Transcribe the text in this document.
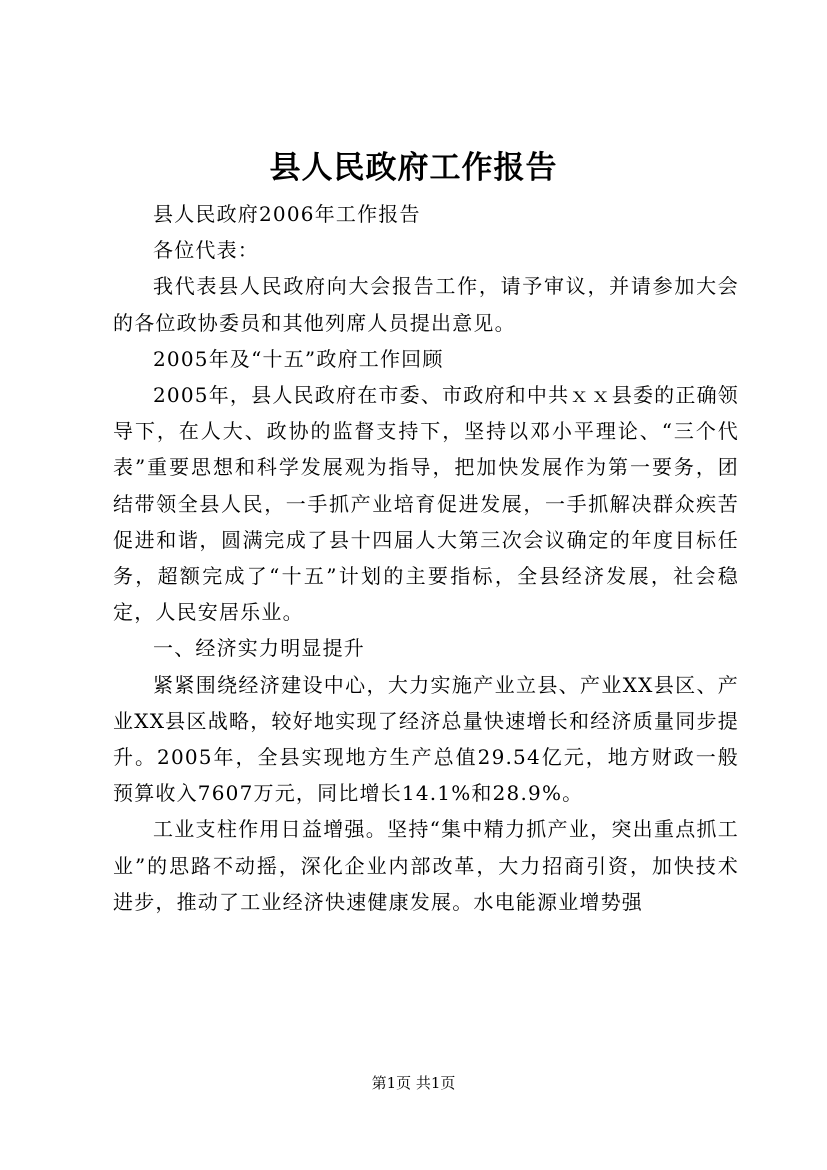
县人民政府工作报告

县人民政府2006年工作报告

各位代表：

我代表县人民政府向大会报告工作，请予审议，并请参加大会的各位政协委员和其他列席人员提出意见。

2005年及“十五”政府工作回顾

2005年，县人民政府在市委、市政府和中共ｘｘ县委的正确领导下，在人大、政协的监督支持下，坚持以邓小平理论、“三个代表”重要思想和科学发展观为指导，把加快发展作为第一要务，团结带领全县人民，一手抓产业培育促进发展，一手抓解决群众疾苦促进和谐，圆满完成了县十四届人大第三次会议确定的年度目标任务，超额完成了“十五”计划的主要指标，全县经济发展，社会稳定，人民安居乐业。

一、经济实力明显提升

紧紧围绕经济建设中心，大力实施产业立县、产业XX县区、产业XX县区战略，较好地实现了经济总量快速增长和经济质量同步提升。2005年，全县实现地方生产总值29.54亿元，地方财政一般预算收入7607万元，同比增长14.1%和28.9%。

工业支柱作用日益增强。坚持“集中精力抓产业，突出重点抓工业”的思路不动摇，深化企业内部改革，大力招商引资，加快技术进步，推动了工业经济快速健康发展。水电能源业增势强

第1页 共1页
